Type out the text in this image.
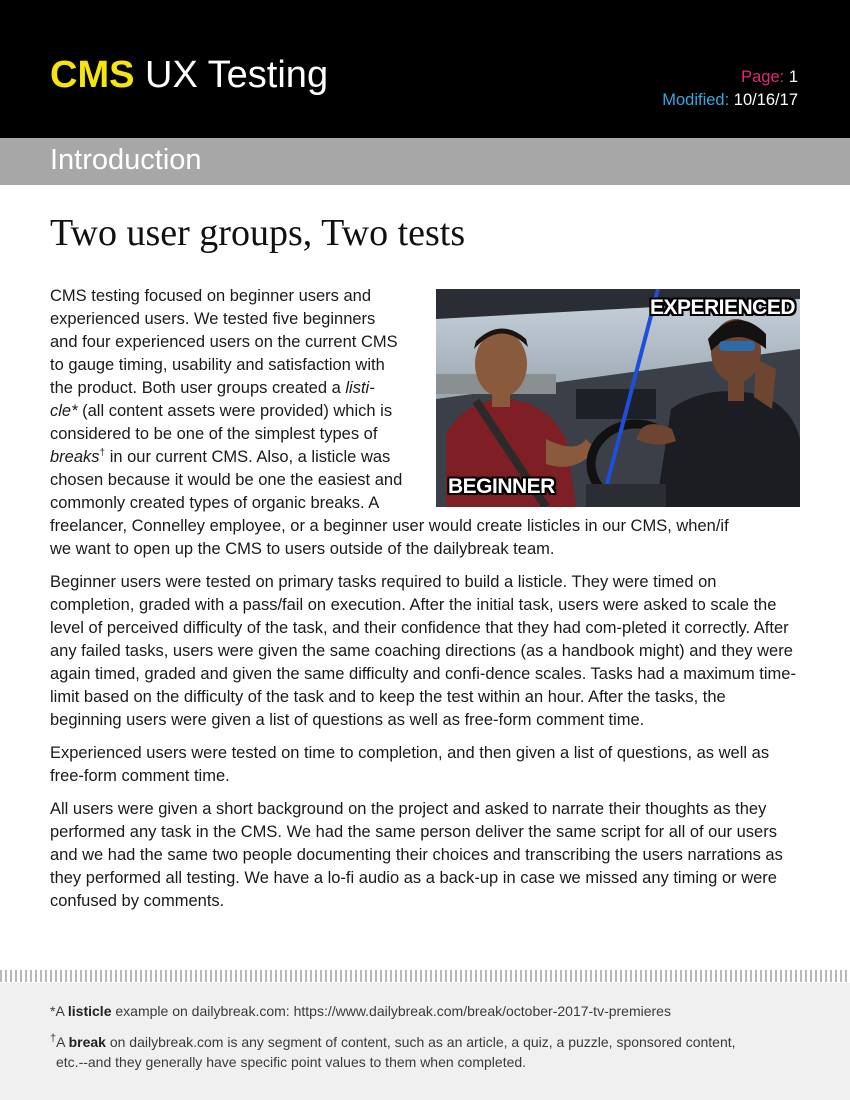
CMS UX Testing	Page: 1
Modified: 10/16/17
Introduction
Two user groups, Two tests
EXPERIENCED
BEGINNER

CMS testing focused on beginner users and
experienced users. We tested five beginners
and four experienced users on the current CMS
to gauge timing, usability and satisfaction with
the product. Both user groups created a listi-
cle* (all content assets were provided) which is
considered to be one of the simplest types of
breaks† in our current CMS. Also, a listicle was
chosen because it would be one the easiest and
commonly created types of organic breaks. A
freelancer, Connelley employee, or a beginner user would create listicles in our CMS, when/if
we want to open up the CMS to users outside of the dailybreak team.

Beginner users were tested on primary tasks required to build a listicle. They were timed on completion, graded with a pass/fail on execution. After the initial task, users were asked to scale the level of perceived difficulty of the task, and their confidence that they had com-pleted it correctly. After any failed tasks, users were given the same coaching directions (as a handbook might) and they were again timed, graded and given the same difficulty and confi-dence scales. Tasks had a maximum time-limit based on the difficulty of the task and to keep the test within an hour. After the tasks, the beginning users were given a list of questions as well as free-form comment time.

Experienced users were tested on time to completion, and then given a list of questions, as well as free-form comment time.

All users were given a short background on the project and asked to narrate their thoughts as they performed any task in the CMS. We had the same person deliver the same script for all of our users and we had the same two people documenting their choices and transcribing the users narrations as they performed all testing. We have a lo-fi audio as a back-up in case we missed any timing or were confused by comments.

*A listicle example on dailybreak.com: https://www.dailybreak.com/break/october-2017-tv-premieres
†A break on dailybreak.com is any segment of content, such as an article, a quiz, a puzzle, sponsored content,
etc.--and they generally have specific point values to them when completed.
